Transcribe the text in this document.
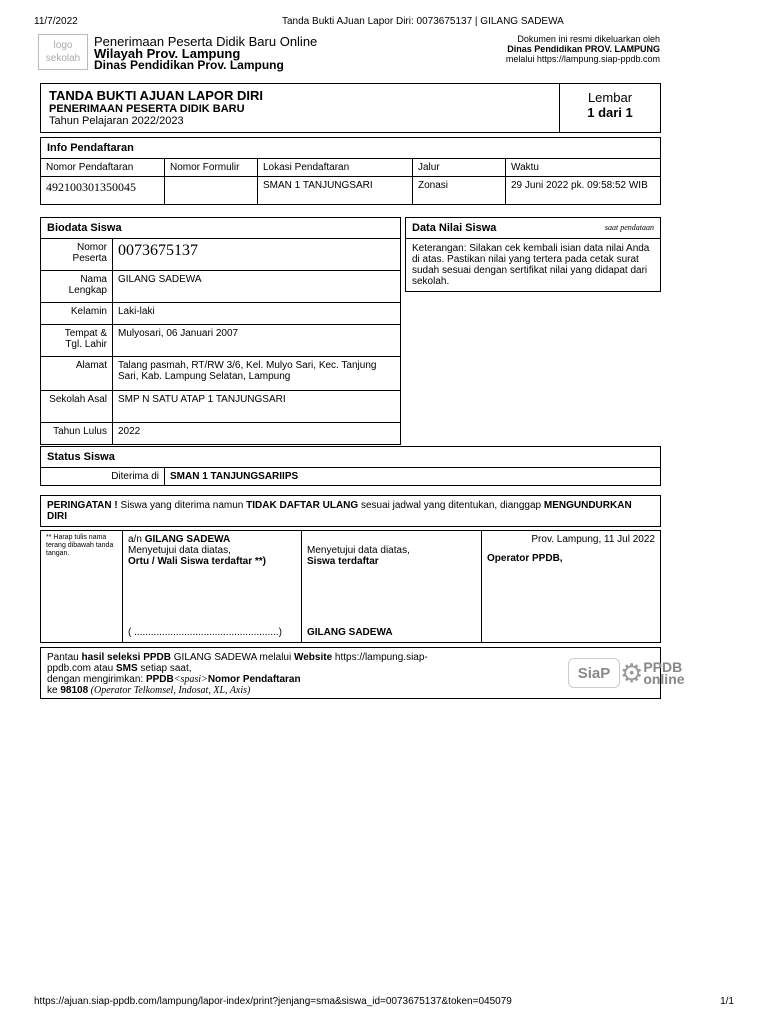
11/7/2022	Tanda Bukti AJuan Lapor Diri: 0073675137 | GILANG SADEWA
logo sekolah
Penerimaan Peserta Didik Baru Online
Wilayah Prov. Lampung
Dinas Pendidikan Prov. Lampung
Dokumen ini resmi dikeluarkan oleh
Dinas Pendidikan PROV. LAMPUNG
melalui https://lampung.siap-ppdb.com
TANDA BUKTI AJUAN LAPOR DIRI
PENERIMAAN PESERTA DIDIK BARU
Tahun Pelajaran 2022/2023
Lembar
1 dari 1
Info Pendaftaran
Nomor Pendaftaran	Nomor Formulir	Lokasi Pendaftaran	Jalur	Waktu
492100301350045		SMAN 1 TANJUNGSARI	Zonasi	29 Juni 2022 pk. 09:58:52 WIB
Biodata Siswa
Nomor Peserta	0073675137
Nama Lengkap	GILANG SADEWA
Kelamin	Laki-laki
Tempat & Tgl. Lahir	Mulyosari, 06 Januari 2007
Alamat	Talang pasmah, RT/RW 3/6, Kel. Mulyo Sari, Kec. Tanjung Sari, Kab. Lampung Selatan, Lampung
Sekolah Asal	SMP N SATU ATAP 1 TANJUNGSARI
Tahun Lulus	2022
Data Nilai Siswa	saat pendataan
Keterangan: Silakan cek kembali isian data nilai Anda di atas. Pastikan nilai yang tertera pada cetak surat sudah sesuai dengan sertifikat nilai yang didapat dari sekolah.
Status Siswa
Diterima di	SMAN 1 TANJUNGSARIIPS
PERINGATAN ! Siswa yang diterima namun TIDAK DAFTAR ULANG sesuai jadwal yang ditentukan, dianggap MENGUNDURKAN DIRI
** Harap tulis nama terang dibawah tanda tangan.	
a/n GILANG SADEWA
Menyetujui data diatas,
Ortu / Wali Siswa terdaftar **)
( ....................................................)

Menyetujui data diatas,
Siswa terdaftar
GILANG SADEWA

Prov. Lampung, 11 Jul 2022
Operator PPDB,
Pantau hasil seleksi PPDB GILANG SADEWA melalui Website https://lampung.siap-ppdb.com atau SMS setiap saat,
dengan mengirimkan: PPDB<spasi>Nomor Pendaftaran
ke 98108 (Operator Telkomsel, Indosat, XL, Axis)
SiaP ⚙ PPDB
online
https://ajuan.siap-ppdb.com/lampung/lapor-index/print?jenjang=sma&siswa_id=0073675137&token=045079	1/1
